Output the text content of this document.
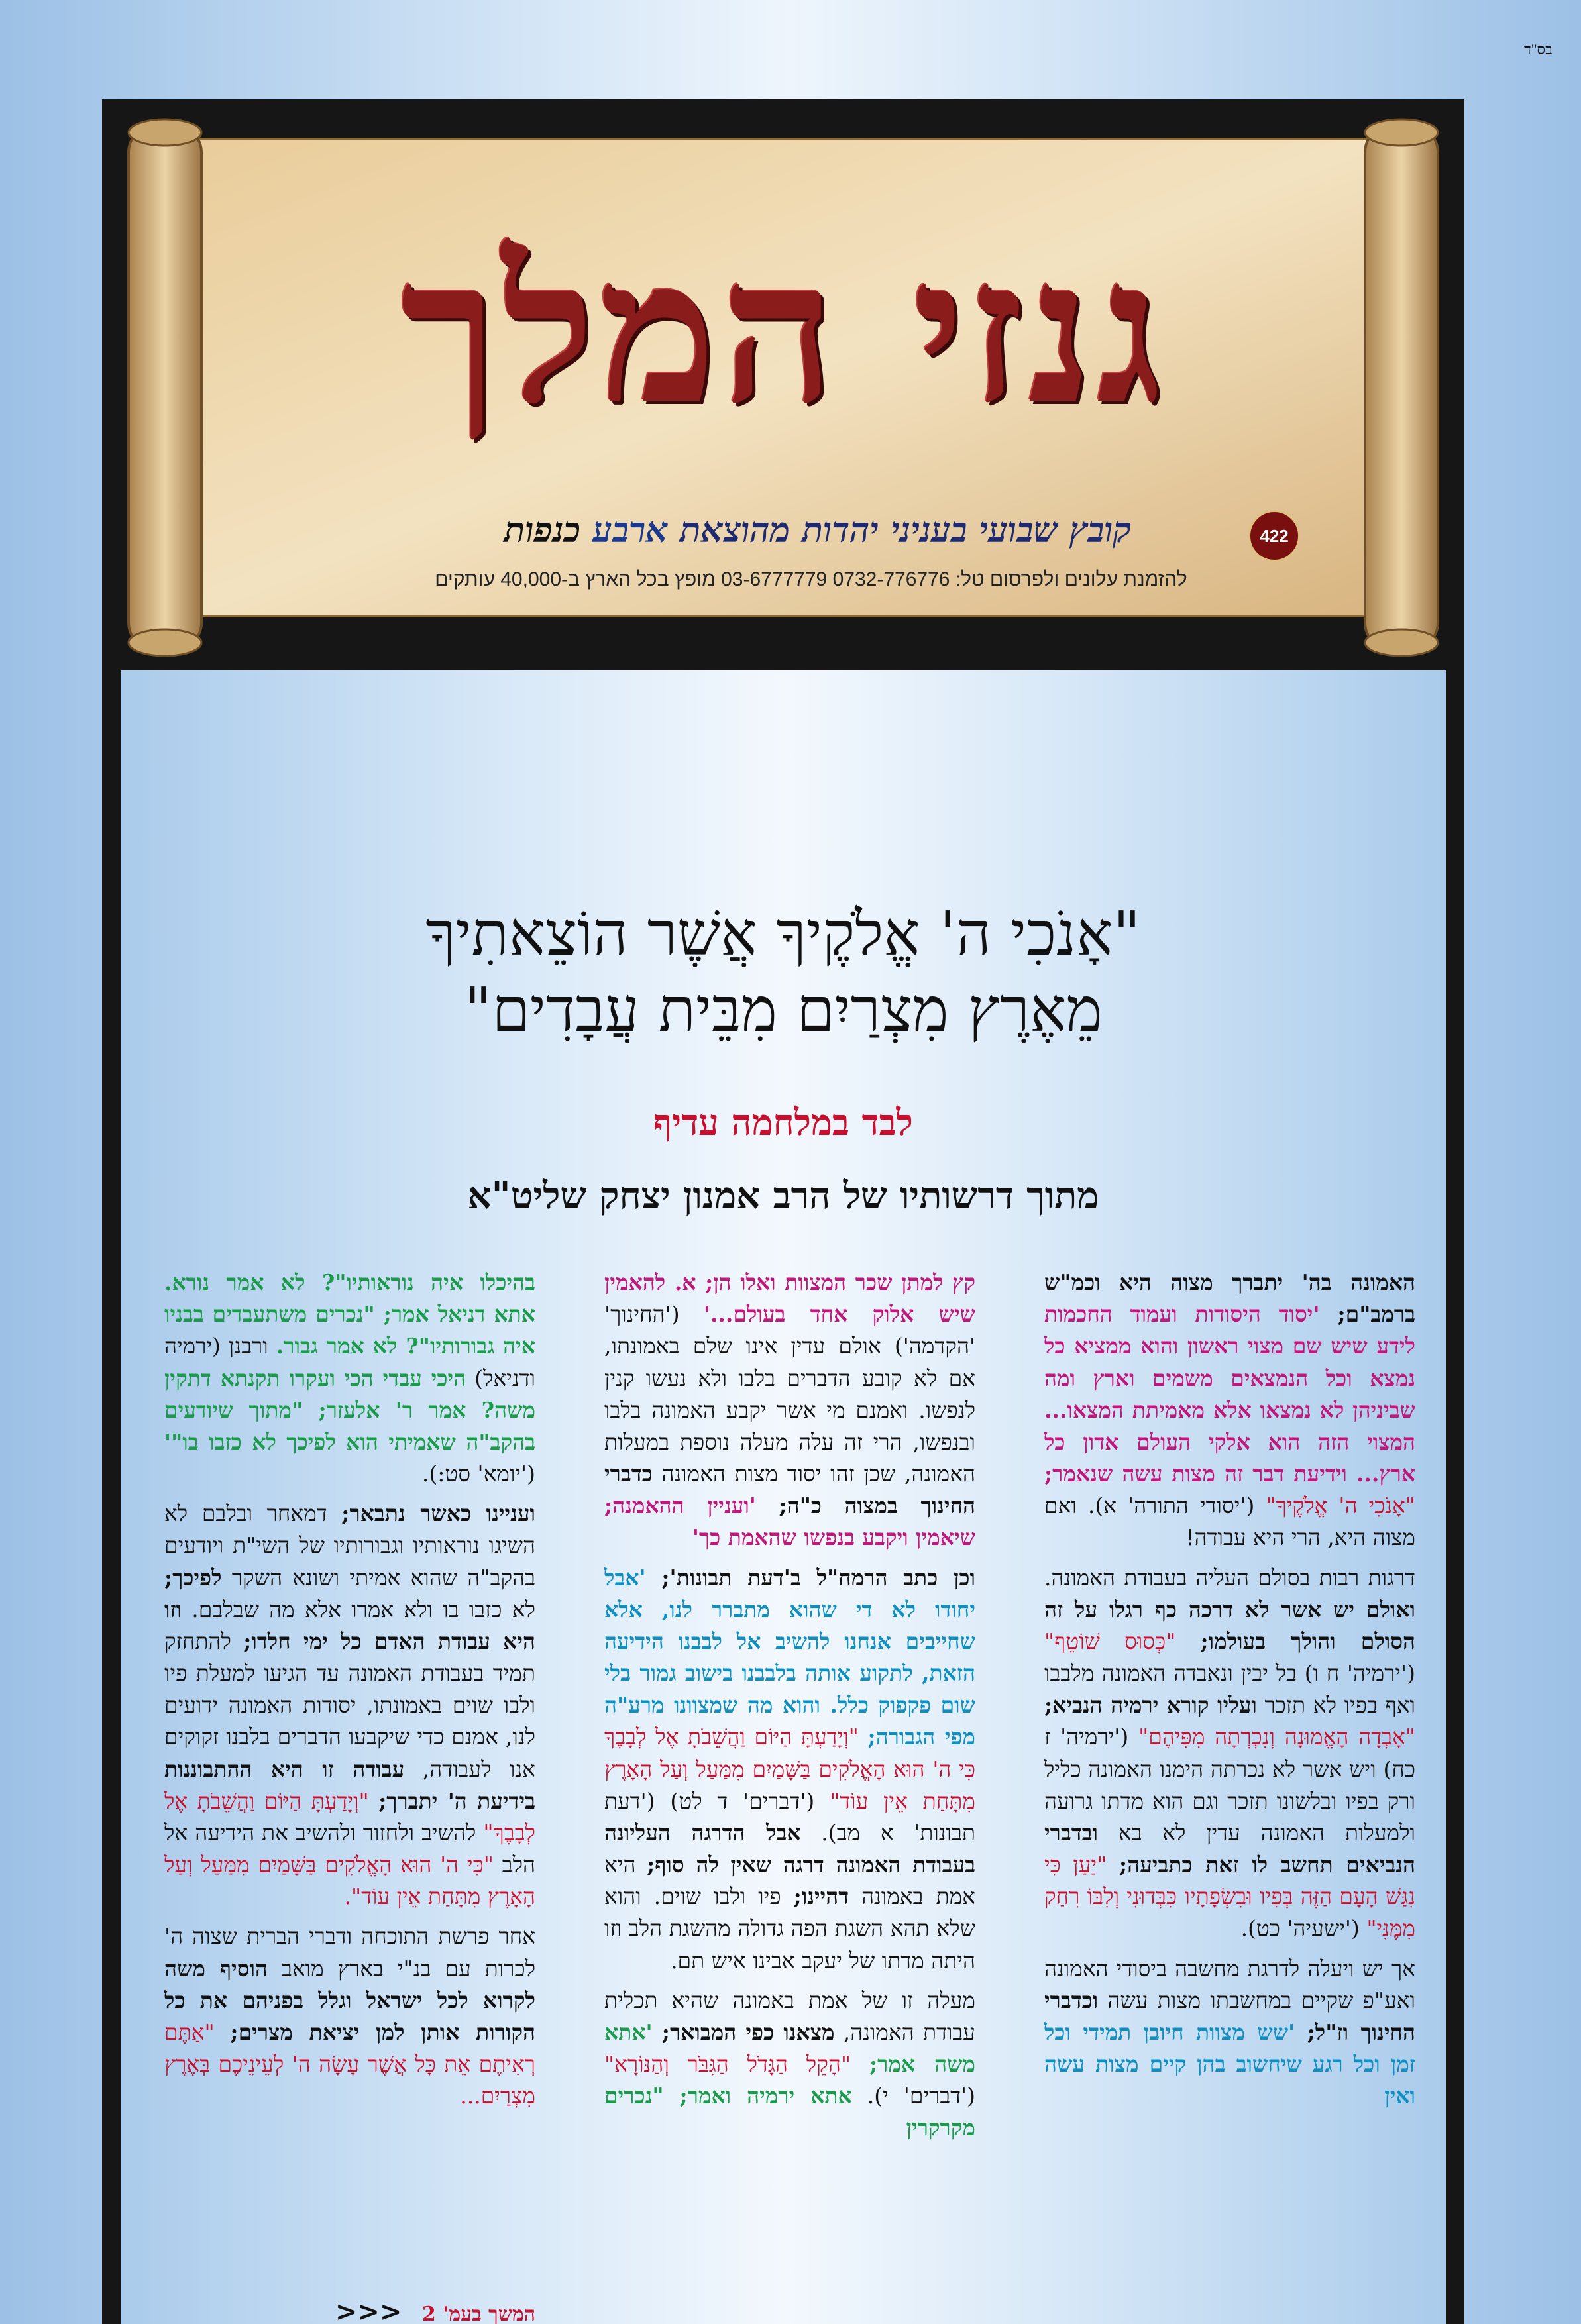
בס"ד
גנזי המלך
422
קובץ שבועי בעניני יהדות מהוצאת ארבע כנפות
להזמנת עלונים ולפרסום טל: 0732-776776 03-6777779 מופץ בכל הארץ ב-40,000 עותקים
"אָנֹכִי ה' אֱלֹקֶיךָ אֲשֶׁר הוֹצֵאתִיךָ
מֵאֶרֶץ מִצְרַיִם מִבֵּית עֲבָדִים"
לבד במלחמה עדיף
מתוך דרשותיו של הרב אמנון יצחק שליט"א

האמונה בה' יתברך מצוה היא וכמ"ש ברמב"ם; 'יסוד היסודות ועמוד החכמות לידע שיש שם מצוי ראשון והוא ממציא כל נמצא וכל הנמצאים משמים וארץ ומה שביניהן לא נמצאו אלא מאמיתת המצאו... המצוי הזה הוא אלקי העולם אדון כל ארץ... וידיעת דבר זה מצות עשה שנאמר; "אָנֹכִי ה' אֱלֹקֶיךָ" ('יסודי התורה' א). ואם מצוה היא, הרי היא עבודה!

דרגות רבות בסולם העליה בעבודת האמונה. ואולם יש אשר לא דרכה כף רגלו על זה הסולם והולך בעולמו; "כְּסוּס שׁוֹטֵף" ('ירמיה' ח ו) בל יבין ונאבדה האמונה מלבבו ואף בפיו לא תזכר ועליו קורא ירמיה הנביא; "אָבְדָה הָאֱמוּנָה וְנִכְרְתָה מִפִּיהֶם" ('ירמיה' ז כח) ויש אשר לא נכרתה הימנו האמונה כליל ורק בפיו ובלשונו תזכר וגם הוא מדתו גרועה ולמעלות האמונה עדין לא בא ובדברי הנביאים תחשב לו זאת כתביעה; "יַעַן כִּי נִגַּשׁ הָעָם הַזֶּה בְּפִיו וּבִשְׂפָתָיו כִּבְּדוּנִי וְלִבּוֹ רִחַק מִמֶּנִּי" ('ישעיה' כט).

אך יש ויעלה לדרגת מחשבה ביסודי האמונה ואע"פ שקיים במחשבתו מצות עשה וכדברי החינוך וז"ל; 'שש מצוות חיובן תמידי וכל זמן וכל רגע שיחשוב בהן קיים מצות עשה ואין

קץ למתן שכר המצוות ואלו הן; א. להאמין שיש אלוק אחד בעולם...' ('החינוך' 'הקדמה') אולם עדין אינו שלם באמונתו, אם לא קובע הדברים בלבו ולא נעשו קנין לנפשו. ואמנם מי אשר יקבע האמונה בלבו ובנפשו, הרי זה עלה מעלה נוספת במעלות האמונה, שכן זהו יסוד מצות האמונה כדברי החינוך במצוה כ"ה; 'ועניין ההאמנה; שיאמין ויקבע בנפשו שהאמת כך'

וכן כתב הרמח"ל ב'דעת תבונות'; 'אבל יחודו לא די שהוא מתברר לנו, אלא שחייבים אנחנו להשיב אל לבבנו הידיעה הזאת, לתקוע אותה בלבבנו בישוב גמור בלי שום פקפוק כלל. והוא מה שמצוונו מרע"ה מפי הגבורה; "וְיָדַעְתָּ הַיּוֹם וַהֲשֵׁבֹתָ אֶל לְבָבֶךָ כִּי ה' הוּא הָאֱלֹקִים בַּשָּׁמַיִם מִמַּעַל וְעַל הָאָרֶץ מִתָּחַת אֵין עוֹד" ('דברים' ד לט) ('דעת תבונות' א מב). אבל הדרגה העליונה בעבודת האמונה דרגה שאין לה סוף; היא אמת באמונה דהיינו; פיו ולבו שוים. והוא שלא תהא השגת הפה גדולה מהשגת הלב וזו היתה מדתו של יעקב אבינו איש תם.

מעלה זו של אמת באמונה שהיא תכלית עבודת האמונה, מצאנו כפי המבואר; 'אתא משה אמר; "הָקֵל הַגָּדֹל הַגִּבֹּר וְהַנּוֹרָא" ('דברים' י). אתא ירמיה ואמר; "נכרים מקרקרין

בהיכלו איה נוראותיו"? לא אמר נורא. אתא דניאל אמר; "נכרים משתעבדים בבניו איה גבורותיו"? לא אמר גבור. ורבנן (ירמיה ודניאל) היכי עבדי הכי ועקרו תקנתא דתקין משה? אמר ר' אלעזר; "מתוך שיודעים בהקב"ה שאמיתי הוא לפיכך לא כזבו בו"' ('יומא' סט:).

ועניינו כאשר נתבאר; דמאחר ובלבם לא השיגו נוראותיו וגבורותיו של השי"ת ויודעים בהקב"ה שהוא אמיתי ושונא השקר לפיכך; לא כזבו בו ולא אמרו אלא מה שבלבם. וזו היא עבודת האדם כל ימי חלדו; להתחזק תמיד בעבודת האמונה עד הגיעו למעלת פיו ולבו שוים באמונתו, יסודות האמונה ידועים לנו, אמנם כדי שיקבעו הדברים בלבנו זקוקים אנו לעבודה, עבודה זו היא ההתבוננות בידיעת ה' יתברך; "וְיָדַעְתָּ הַיּוֹם וַהֲשֵׁבֹתָ אֶל לְבָבֶךָ" להשיב ולחזור ולהשיב את הידיעה אל הלב "כִּי ה' הוּא הָאֱלֹקִים בַּשָּׁמַיִם מִמַּעַל וְעַל הָאָרֶץ מִתָּחַת אֵין עוֹד".

אחר פרשת התוכחה ודברי הברית שצוה ה' לכרות עם בנ"י בארץ מואב הוסיף משה לקרוא לכל ישראל וגלל בפניהם את כל הקורות אותן למן יציאת מצרים; "אַתֶּם רְאִיתֶם אֵת כָּל אֲשֶׁר עָשָׂה ה' לְעֵינֵיכֶם בְּאֶרֶץ מִצְרַיִם...

המשך בעמ' 2 <<<
